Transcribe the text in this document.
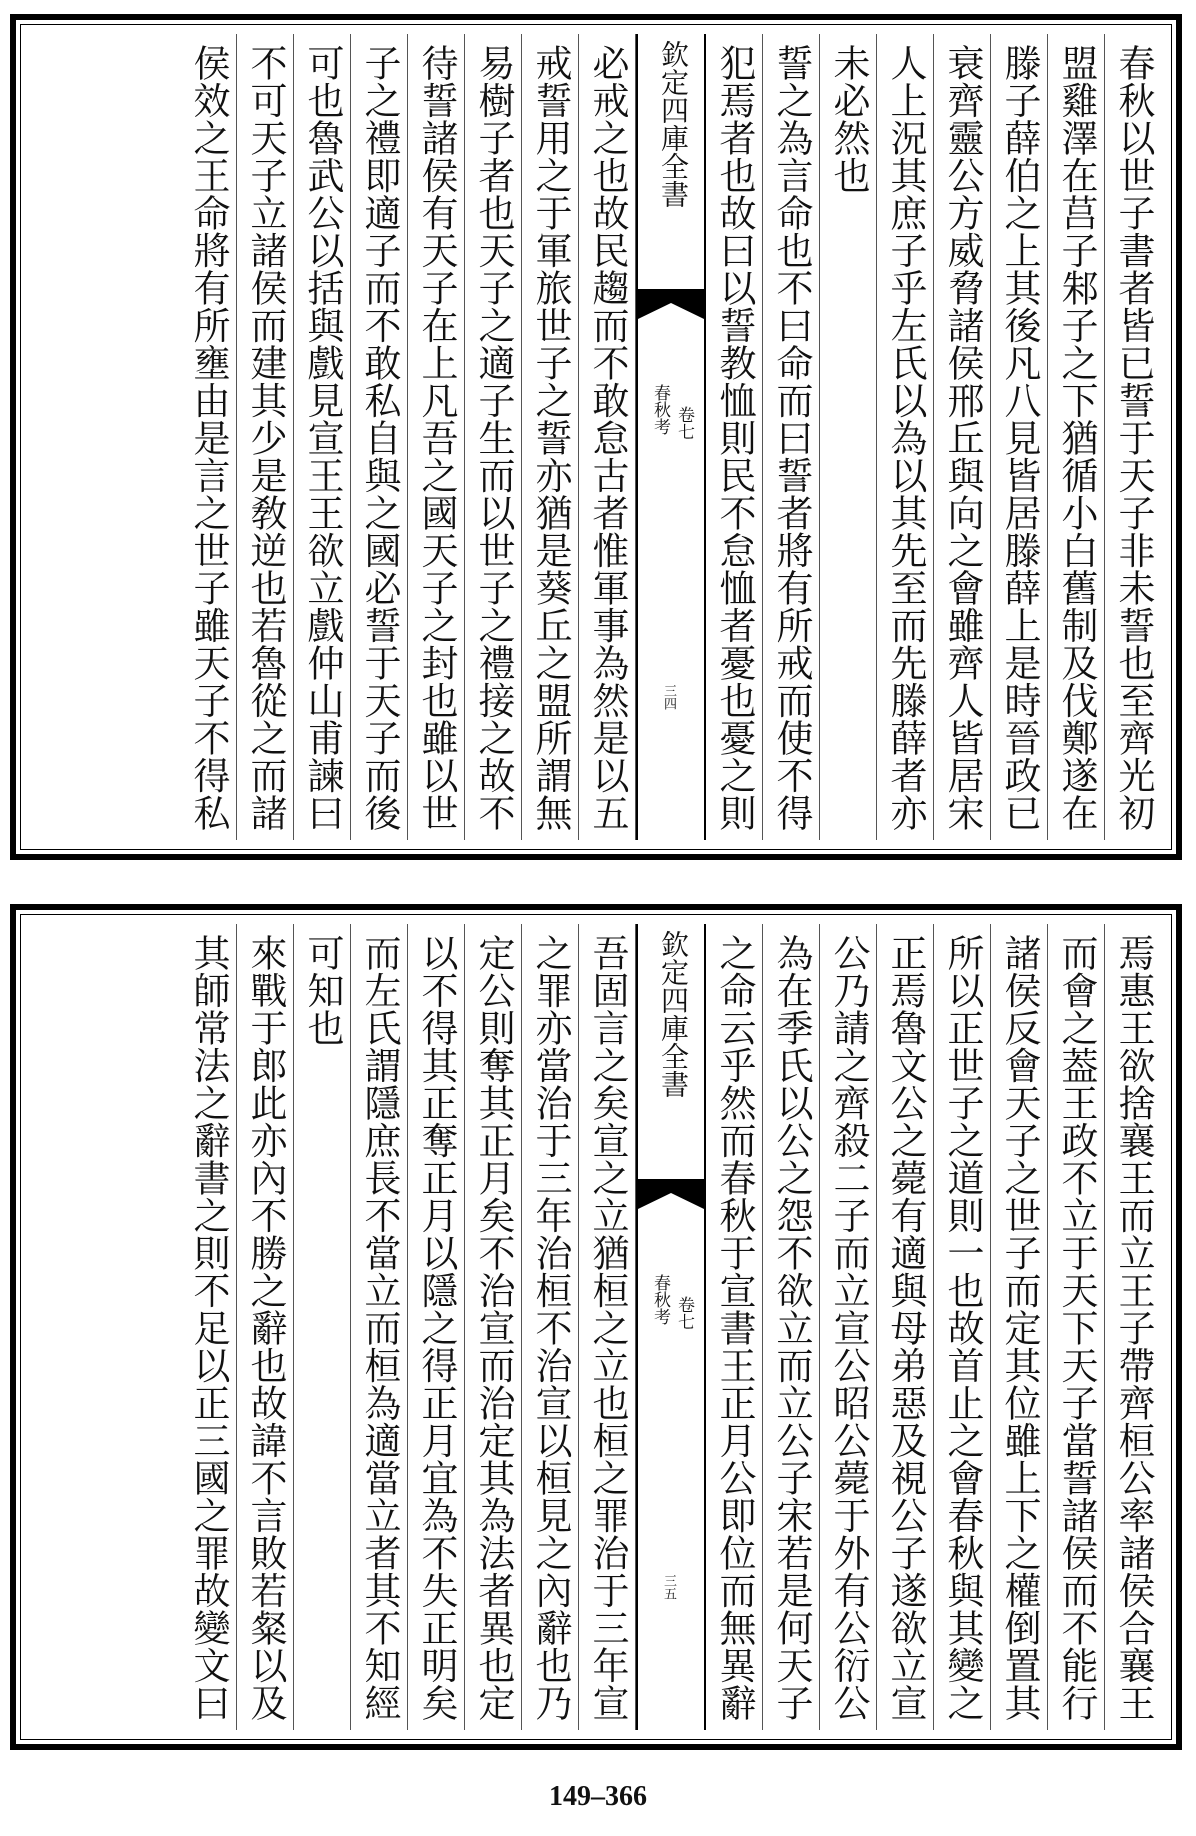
春秋以世子書者皆已誓于天子非未誓也至齊光初
盟雞澤在莒子邾子之下猶循小白舊制及伐鄭遂在
滕子薛伯之上其後凡八見皆居滕薛上是時晉政已
衰齊靈公方威脅諸侯邢丘與向之會雖齊人皆居宋
人上況其庶子乎左氏以為以其先至而先滕薛者亦
未必然也
誓之為言命也不曰命而曰誓者將有所戒而使不得
犯焉者也故曰以誓教恤則民不怠恤者憂也憂之則
欽定四庫全書
春秋考 卷七
三四
必戒之也故民趨而不敢怠古者惟軍事為然是以五
戒誓用之于軍旅世子之誓亦猶是葵丘之盟所謂無
易樹子者也天子之適子生而以世子之禮接之故不
待誓諸侯有天子在上凡吾之國天子之封也雖以世
子之禮即適子而不敢私自與之國必誓于天子而後
可也魯武公以括與戲見宣王王欲立戲仲山甫諫曰
不可天子立諸侯而建其少是敎逆也若魯從之而諸
侯效之王命將有所壅由是言之世子雖天子不得私
焉惠王欲捨襄王而立王子帶齊桓公率諸侯合襄王
而會之葢王政不立于天下天子當誓諸侯而不能行
諸侯反會天子之世子而定其位雖上下之權倒置其
所以正世子之道則一也故首止之會春秋與其變之
正焉魯文公之薨有適與母弟惡及視公子遂欲立宣
公乃請之齊殺二子而立宣公昭公薨于外有公衍公
為在季氏以公之怨不欲立而立公子宋若是何天子
之命云乎然而春秋于宣書王正月公即位而無異辭
欽定四庫全書
春秋考 卷七
三五
吾固言之矣宣之立猶桓之立也桓之罪治于三年宣
之罪亦當治于三年治桓不治宣以桓見之內辭也乃
定公則奪其正月矣不治宣而治定其為法者異也定
以不得其正奪正月以隱之得正月宜為不失正明矣
而左氏謂隱庶長不當立而桓為適當立者其不知經
可知也
來戰于郎此亦內不勝之辭也故諱不言敗若粲以及
其師常法之辭書之則不足以正三國之罪故變文曰
149–366
